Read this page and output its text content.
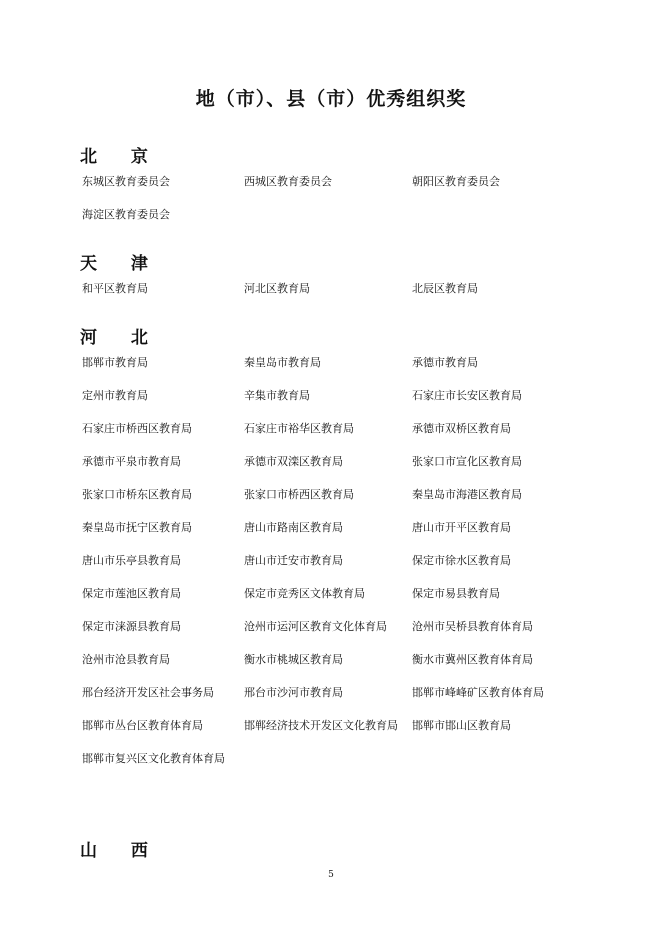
地（市）、县（市）优秀组织奖
北 京
东城区教育委员会	西城区教育委员会	朝阳区教育委员会
海淀区教育委员会
天 津
和平区教育局	河北区教育局	北辰区教育局
河 北
邯郸市教育局	秦皇岛市教育局	承德市教育局
定州市教育局	辛集市教育局	石家庄市长安区教育局
石家庄市桥西区教育局	石家庄市裕华区教育局	承德市双桥区教育局
承德市平泉市教育局	承德市双滦区教育局	张家口市宣化区教育局
张家口市桥东区教育局	张家口市桥西区教育局	秦皇岛市海港区教育局
秦皇岛市抚宁区教育局	唐山市路南区教育局	唐山市开平区教育局
唐山市乐亭县教育局	唐山市迁安市教育局	保定市徐水区教育局
保定市莲池区教育局	保定市竞秀区文体教育局	保定市易县教育局
保定市涞源县教育局	沧州市运河区教育文化体育局	沧州市吴桥县教育体育局
沧州市沧县教育局	衡水市桃城区教育局	衡水市冀州区教育体育局
邢台经济开发区社会事务局	邢台市沙河市教育局	邯郸市峰峰矿区教育体育局
邯郸市丛台区教育体育局	邯郸经济技术开发区文化教育局	邯郸市邯山区教育局
邯郸市复兴区文化教育体育局
山 西
5
